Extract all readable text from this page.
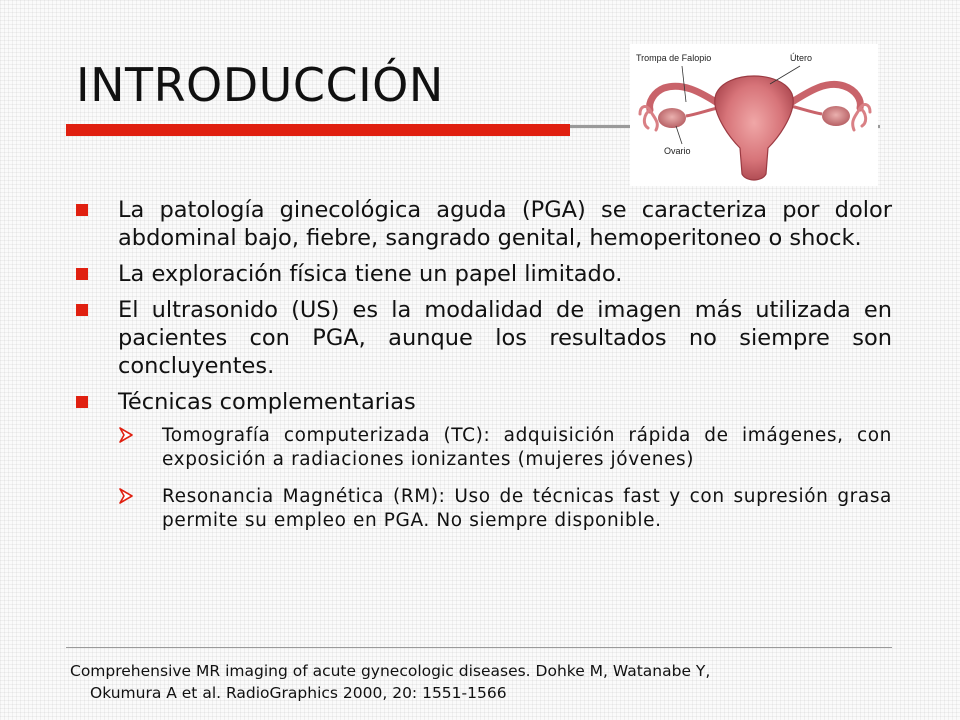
INTRODUCCIÓN	Trompa de Falopio	Útero
Ovario
La patología ginecológica aguda (PGA) se caracteriza por dolor abdominal bajo, fiebre, sangrado genital, hemoperitoneo o shock.
La exploración física tiene un papel limitado.
El ultrasonido (US) es la modalidad de imagen más utilizada en pacientes con PGA, aunque los resultados no siempre son concluyentes.
Técnicas complementarias
Tomografía computerizada (TC): adquisición rápida de imágenes, con exposición a radiaciones ionizantes (mujeres jóvenes)
Resonancia Magnética (RM): Uso de técnicas fast y con supresión grasa permite su empleo en PGA. No siempre disponible.

Comprehensive MR imaging of acute gynecologic diseases. Dohke M, Watanabe Y,
Okumura A et al. RadioGraphics 2000, 20: 1551-1566
